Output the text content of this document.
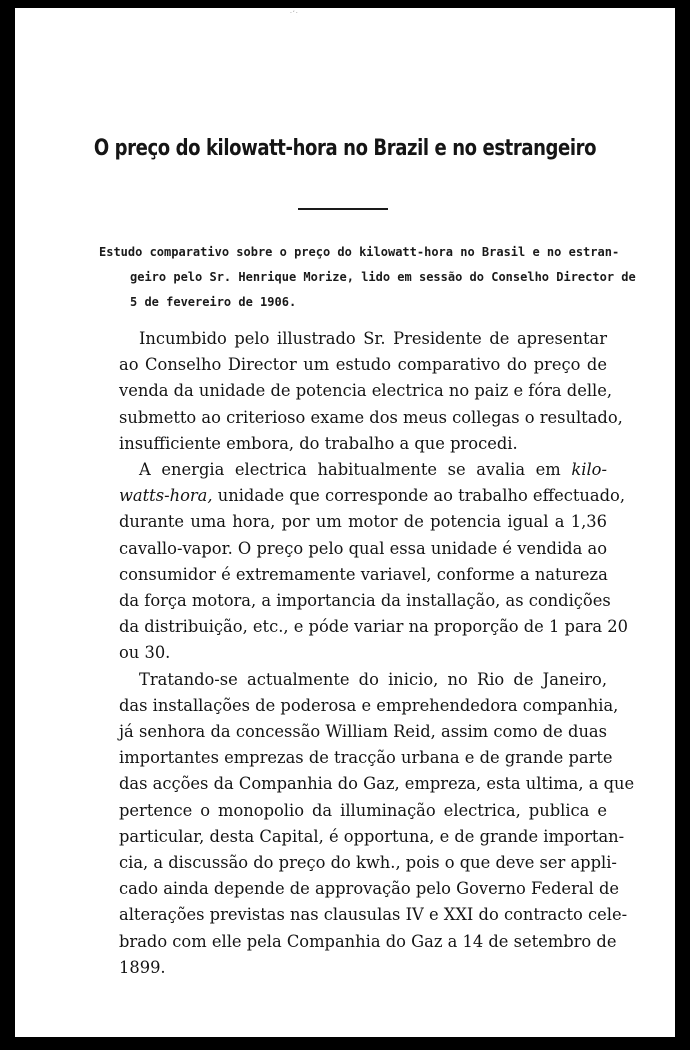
·ʼ·
O preço do kilowatt-hora no Brazil e no estrangeiro
Estudo comparativo sobre o preço do kilowatt-hora no Brasil e no estran-
geiro pelo Sr. Henrique Morize, lido em sessão do Conselho Director de
5 de fevereiro de 1906.

Incumbido pelo illustrado Sr. Presidente de apresentar
ao Conselho Director um estudo comparativo do preço de
venda da unidade de potencia electrica no paiz e fóra delle,
submetto ao criterioso exame dos meus collegas o resultado,
insufficiente embora, do trabalho a que procedi.

A energia electrica habitualmente se avalia em kilo-
watts-hora, unidade que corresponde ao trabalho effectuado,
durante uma hora, por um motor de potencia igual a 1,36
cavallo-vapor. O preço pelo qual essa unidade é vendida ao
consumidor é extremamente variavel, conforme a natureza
da força motora, a importancia da installação, as condições
da distribuição, etc., e póde variar na proporção de 1 para 20
ou 30.

Tratando-se actualmente do inicio, no Rio de Janeiro,
das installações de poderosa e emprehendedora companhia,
já senhora da concessão William Reid, assim como de duas
importantes emprezas de tracção urbana e de grande parte
das acções da Companhia do Gaz, empreza, esta ultima, a que
pertence o monopolio da illuminação electrica, publica e
particular, desta Capital, é opportuna, e de grande importan-
cia, a discussão do preço do kwh., pois o que deve ser appli-
cado ainda depende de approvação pelo Governo Federal de
alterações previstas nas clausulas IV e XXI do contracto cele-
brado com elle pela Companhia do Gaz a 14 de setembro de
1899.
